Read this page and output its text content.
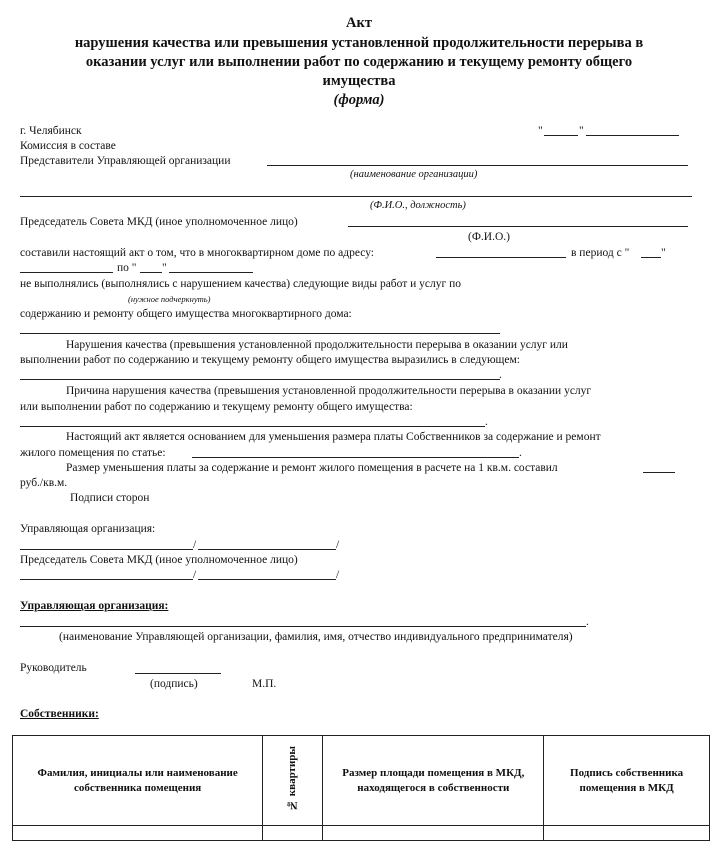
Акт
нарушения качества или превышения установленной продолжительности перерыва в
оказании услуг или выполнении работ по содержанию и текущему ремонту общего
имущества
(форма)
г. Челябинск	"	"
Комиссия в составе
Представители Управляющей организации
(наименование организации)
(Ф.И.О., должность)
Председатель Совета МКД (иное уполномоченное лицо)
(Ф.И.О.)
составили настоящий акт о том, что в многоквартирном доме по адресу:	в период с "	"
по " "
не выполнялись (выполнялись с нарушением качества) следующие виды работ и услуг по
(нужное подчеркнуть)
содержанию и ремонту общего имущества многоквартирного дома:
Нарушения качества (превышения установленной продолжительности перерыва в оказании услуг или
выполнении работ по содержанию и текущему ремонту общего имущества выразились в следующем:
.
Причина нарушения качества (превышения установленной продолжительности перерыва в оказании услуг
или выполнении работ по содержанию и текущему ремонту общего имущества:
.
Настоящий акт является основанием для уменьшения размера платы Собственников за содержание и ремонт
жилого помещения по статье:	.
Размер уменьшения платы за содержание и ремонт жилого помещения в расчете на 1 кв.м. составил
руб./кв.м.
Подписи сторон
Управляющая организация:
/	/
Председатель Совета МКД (иное уполномоченное лицо)
/	/
Управляющая организация:
.
(наименование Управляющей организации, фамилия, имя, отчество индивидуального предпринимателя)
Руководитель
(подпись)	М.П.
Собственники:
Фамилия, инициалы или наименование собственника помещения	№ квартиры	Размер площади помещения в МКД, находящегося в собственности	Подпись собственника помещения в МКД
